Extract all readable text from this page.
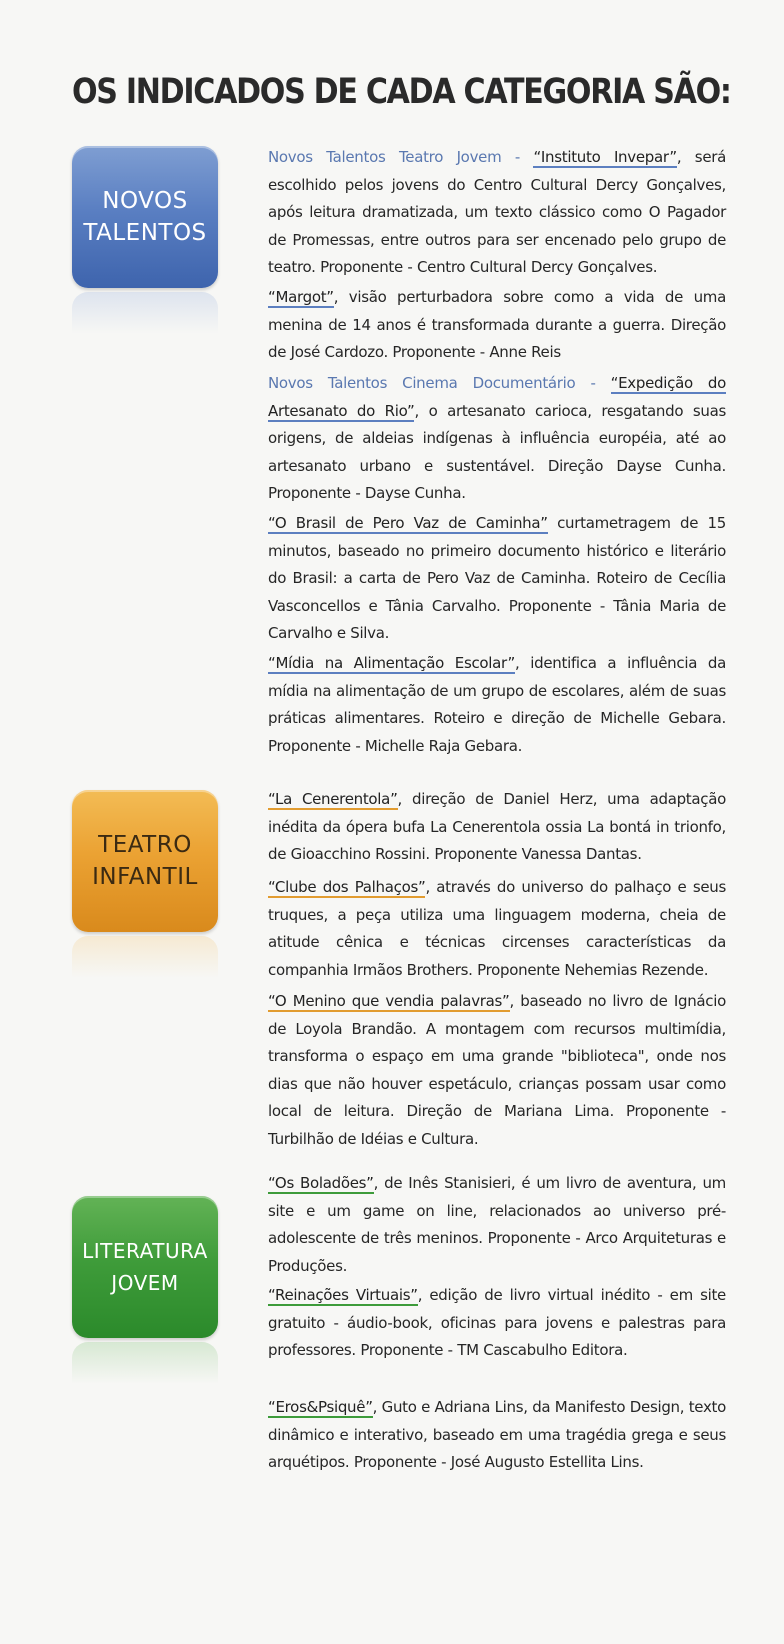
OS INDICADOS DE CADA CATEGORIA SÃO:
NOVOS
TALENTOS
Novos Talentos Teatro Jovem - “Instituto Invepar”, será escolhido pelos jovens do Centro Cultural Dercy Gonçalves, após leitura dramatizada, um texto clássico como O Pagador de Promessas, entre outros para ser encenado pelo grupo de teatro. Proponente - Centro Cultural Dercy Gonçalves.
“Margot”, visão perturbadora sobre como a vida de uma menina de 14 anos é transformada durante a guerra. Direção de José Cardozo. Proponente - Anne Reis
Novos Talentos Cinema Documentário - “Expedição do Artesanato do Rio”, o artesanato carioca, resgatando suas origens, de aldeias indígenas à influência européia, até ao artesanato urbano e sustentável. Direção Dayse Cunha. Proponente - Dayse Cunha.
“O Brasil de Pero Vaz de Caminha” curtametragem de 15 minutos, baseado no primeiro documento histórico e literário do Brasil: a carta de Pero Vaz de Caminha. Roteiro de Cecília Vasconcellos e Tânia Carvalho. Proponente - Tânia Maria de Carvalho e Silva.
“Mídia na Alimentação Escolar”, identifica a influência da mídia na alimentação de um grupo de escolares, além de suas práticas alimentares. Roteiro e direção de Michelle Gebara. Proponente - Michelle Raja Gebara.
TEATRO
INFANTIL
“La Cenerentola”, direção de Daniel Herz, uma adaptação inédita da ópera bufa La Cenerentola ossia La bontá in trionfo, de Gioacchino Rossini. Proponente Vanessa Dantas.
“Clube dos Palhaços”, através do universo do palhaço e seus truques, a peça utiliza uma linguagem moderna, cheia de atitude cênica e técnicas circenses características da companhia Irmãos Brothers. Proponente Nehemias Rezende.
“O Menino que vendia palavras”, baseado no livro de Ignácio de Loyola Brandão. A montagem com recursos multimídia, transforma o espaço em uma grande "biblioteca", onde nos dias que não houver espetáculo, crianças possam usar como local de leitura. Direção de Mariana Lima. Proponente - Turbilhão de Idéias e Cultura.
LITERATURA
JOVEM
“Os Boladões”, de Inês Stanisieri, é um livro de aventura, um site e um game on line, relacionados ao universo pré-adolescente de três meninos. Proponente - Arco Arquiteturas e Produções.
“Reinações Virtuais”, edição de livro virtual inédito - em site gratuito - áudio-book, oficinas para jovens e palestras para professores. Proponente - TM Cascabulho Editora.
“Eros&Psiquê”, Guto e Adriana Lins, da Manifesto Design, texto dinâmico e interativo, baseado em uma tragédia grega e seus arquétipos. Proponente - José Augusto Estellita Lins.
